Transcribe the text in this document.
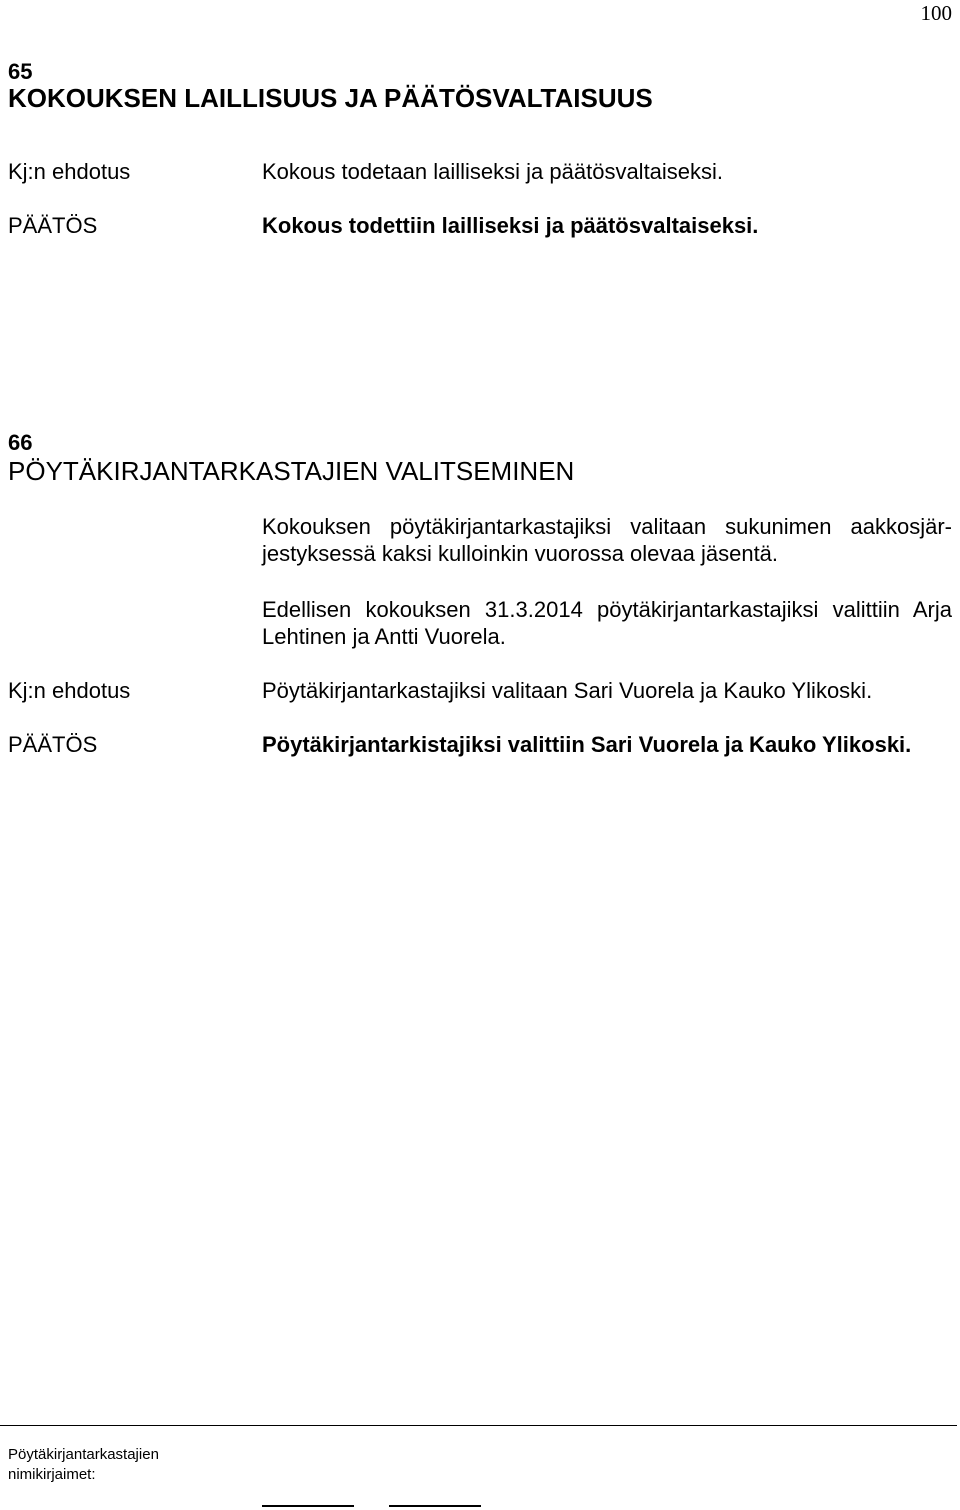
100
65
KOKOUKSEN LAILLISUUS JA PÄÄTÖSVALTAISUUS
Kj:n ehdotus	Kokous todetaan lailliseksi ja päätösvaltaiseksi.
PÄÄTÖS	Kokous todettiin lailliseksi ja päätösvaltaiseksi.
66
PÖYTÄKIRJANTARKASTAJIEN VALITSEMINEN
Kokouksen pöytäkirjantarkastajiksi valitaan sukunimen aakkosjärjestyksessä kaksi kulloinkin vuorossa olevaa jäsentä.
Edellisen kokouksen 31.3.2014 pöytäkirjantarkastajiksi valittiin Arja Lehtinen ja Antti Vuorela.
Kj:n ehdotus	Pöytäkirjantarkastajiksi valitaan Sari Vuorela ja Kauko Ylikoski.
PÄÄTÖS	Pöytäkirjantarkistajiksi valittiin Sari Vuorela ja Kauko Ylikoski.
Pöytäkirjantarkastajien
nimikirjaimet:
